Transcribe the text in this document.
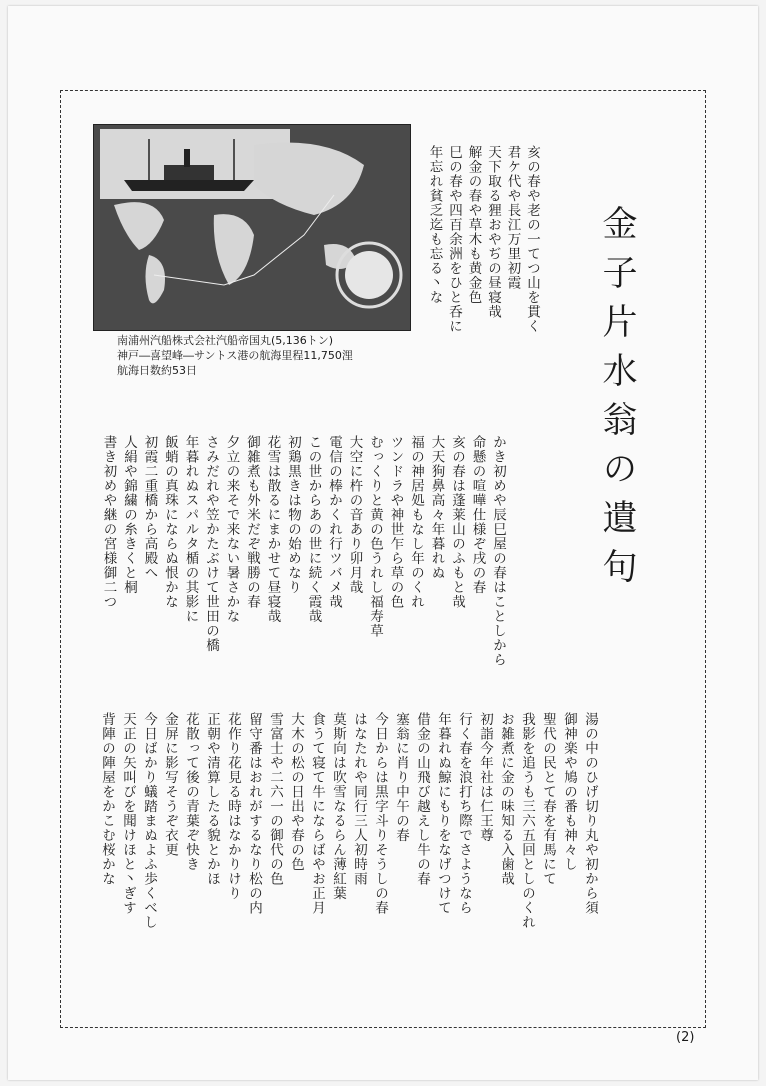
南浦州汽船株式会社汽船帝国丸(5,136トン)
神戸―喜望峰―サントス港の航海里程11,750浬
航海日数約53日	金子片水翁の遺句
亥の春や老の一てつ山を貫く
君ケ代や長江万里初霞
天下取る狸おやぢの昼寝哉
解金の春や草木も黄金色
巳の春や四百余洲をひと呑に
年忘れ貧乏迄も忘る丶な
かき初めや辰巳屋の春はことしから
命懸の喧嘩仕様ぞ戌の春
亥の春は蓬莱山のふもと哉
大天狗鼻高々年暮れぬ
福の神居処もなし年のくれ
ツンドラや神世乍ら草の色
むっくりと黄の色うれし福寿草
大空に杵の音あり卯月哉
電信の棒かくれ行ツバメ哉
この世からあの世に続く霞哉
初鶏黒きは物の始めなり
花雪は散るにまかせて昼寝哉
御雑煮も外米だぞ戦勝の春
夕立の来そで来ない暑さかな
さみだれや笠かたぶけて世田の橋
年暮れぬスパルタ楯の其影に
飯蛸の真珠にならぬ恨かな
初霞二重橋から高殿へ
人絹や錦繍の糸きくと桐
書き初めや継の宮様御二つ
湯の中のひげ切り丸や初から須
御神楽や鳩の番も神々し
聖代の民とて春を有馬にて
我影を追うも三六五回としのくれ
お雑煮に金の味知る入歯哉
初詣今年社は仁王尊
行く春を浪打ち際でさようなら
年暮れぬ鯨にもりをなげつけて
借金の山飛び越えし牛の春
塞翁に肖り中午の春
今日からは黒字斗りそうしの春
はなたれや同行三人初時雨
莫斯向は吹雪なるらん薄紅葉
食うて寝て牛にならばやお正月
大木の松の日出や春の色
雪富士や二六一の御代の色
留守番はおれがするなり松の内
花作り花見る時はなかりけり
正朝や清算したる貌とかほ
花散って後の青葉ぞ快き
金屏に影写そうぞ衣更
今日ばかり蟻踏まぬよふ歩くべし
天正の矢叫びを聞けほと丶ぎす
背陣の陣屋をかこむ桜かな
(2)
